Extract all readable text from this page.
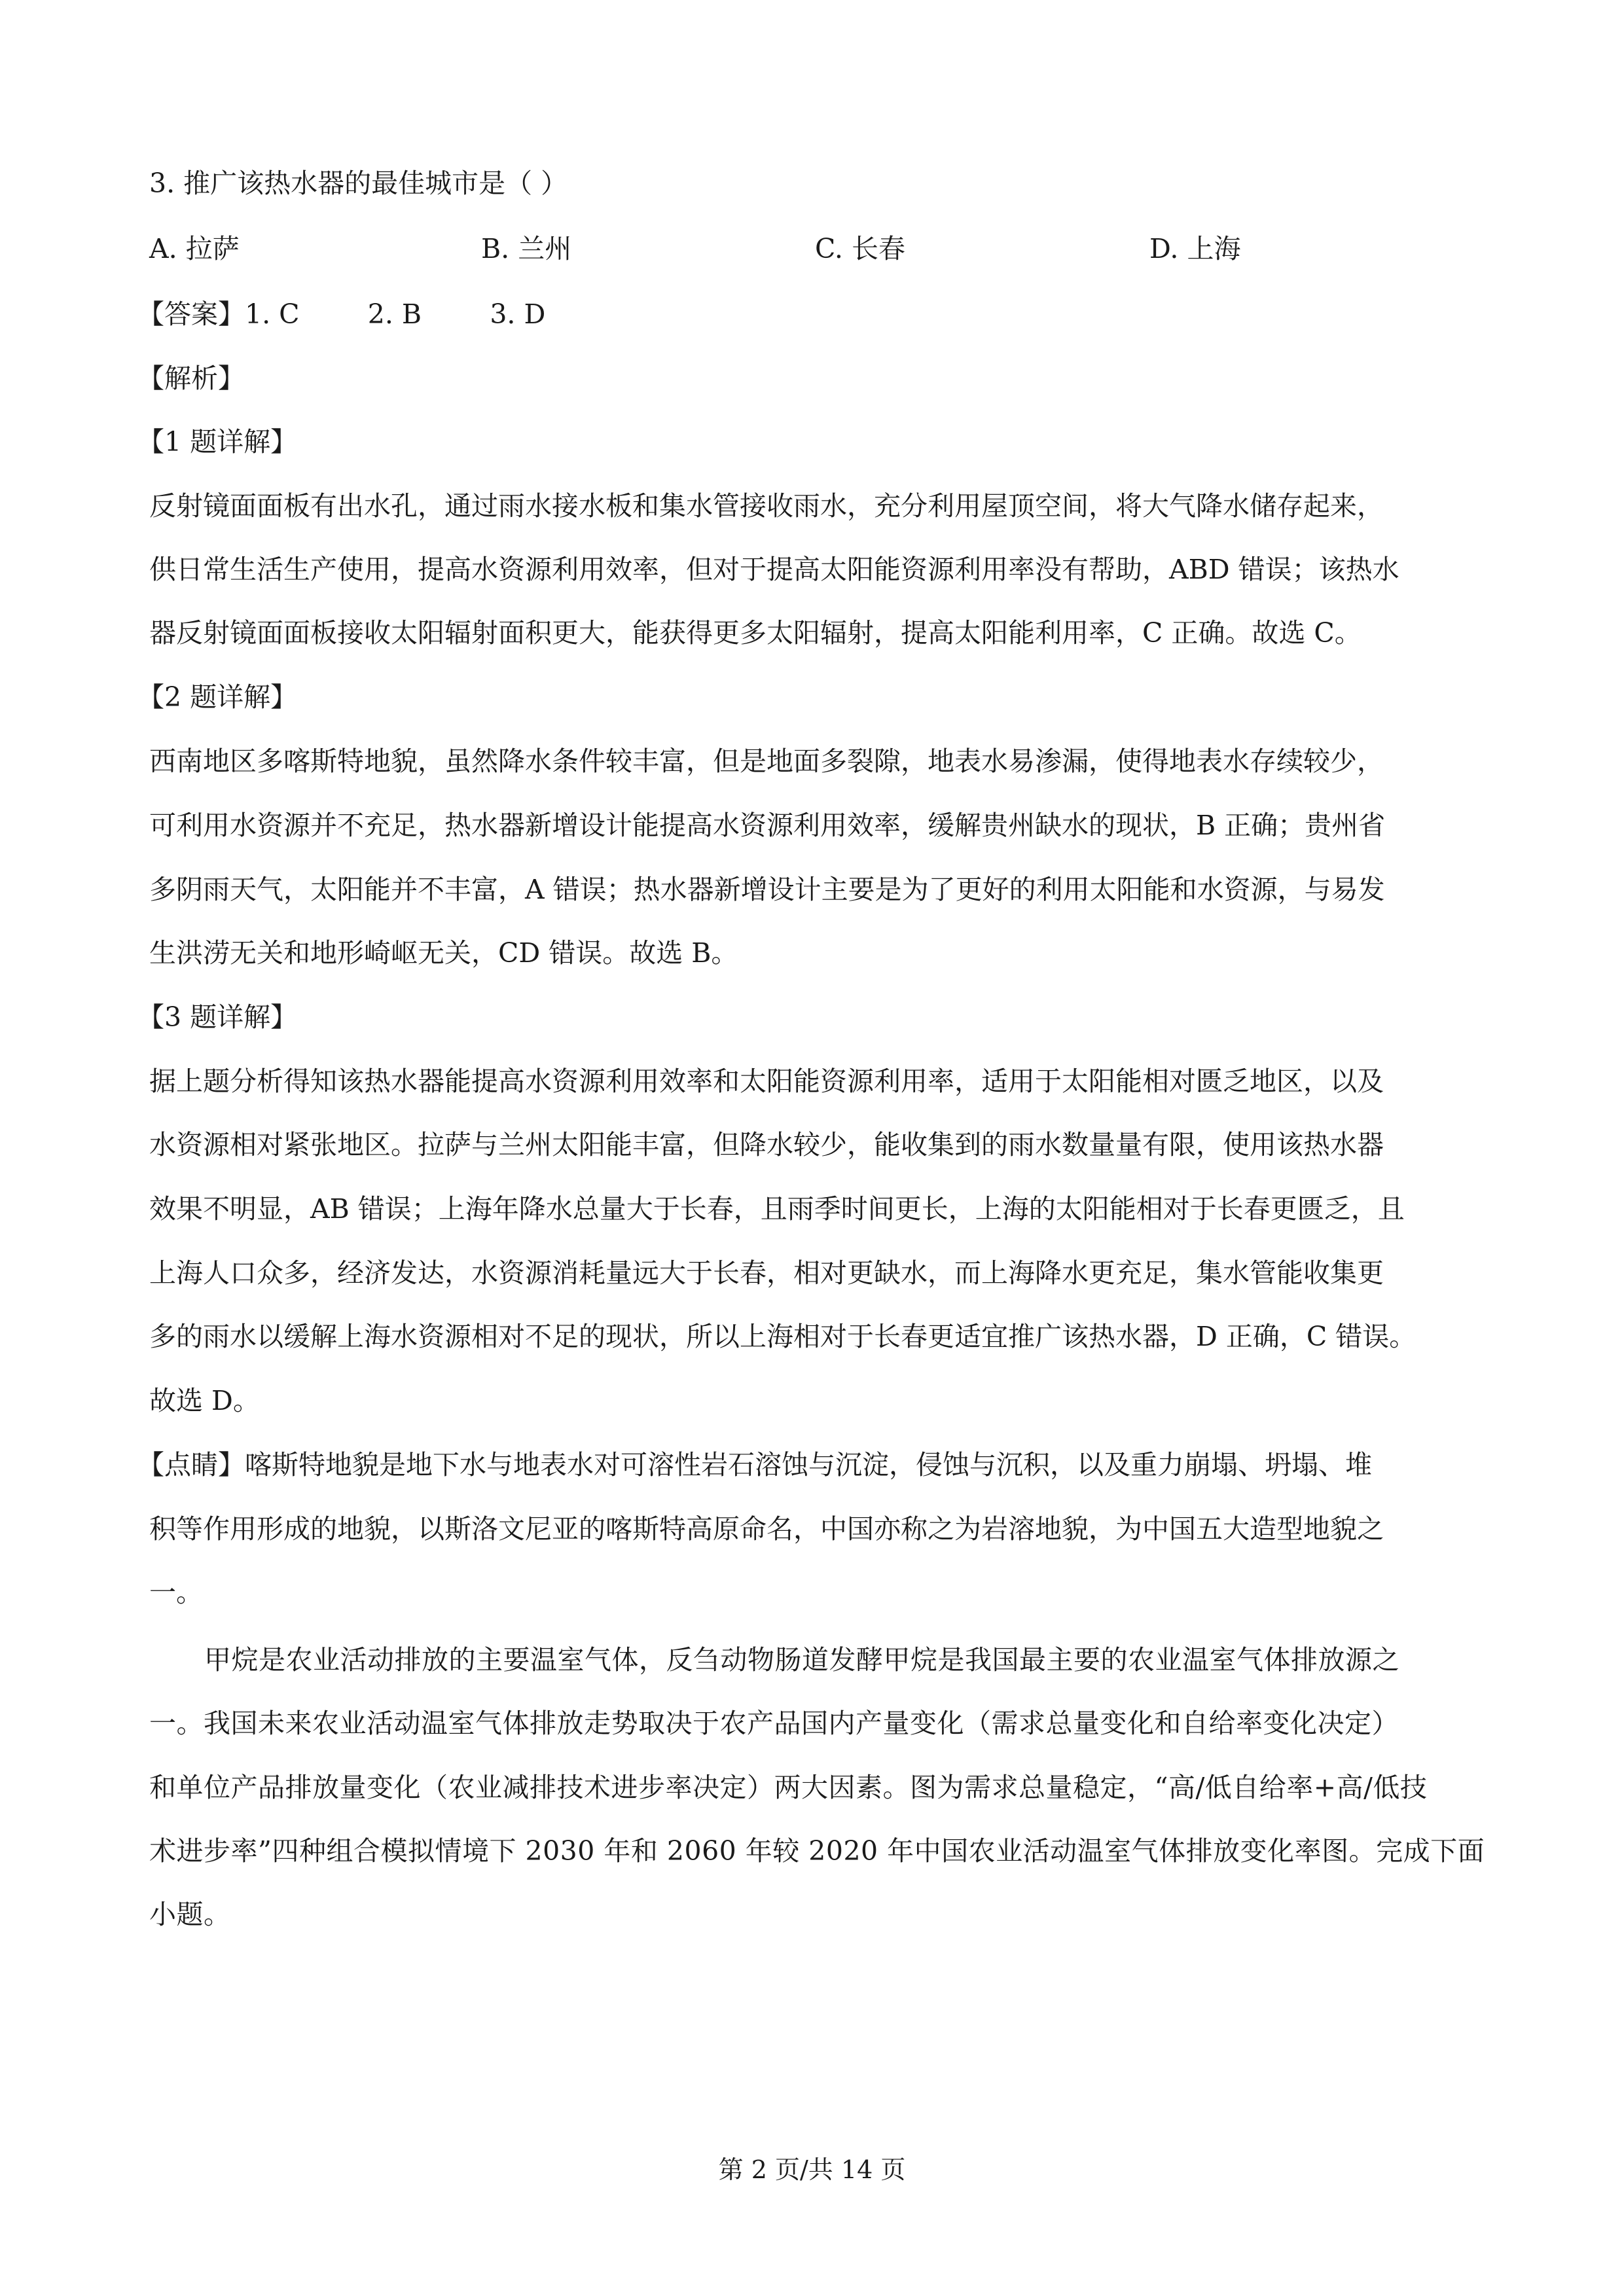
3. 推广该热水器的最佳城市是（ ）
A. 拉萨	B. 兰州	C. 长春	D. 上海
【答案】1. C        2. B        3. D
【解析】
【1 题详解】
反射镜面面板有出水孔，通过雨水接水板和集水管接收雨水，充分利用屋顶空间，将大气降水储存起来，
供日常生活生产使用，提高水资源利用效率，但对于提高太阳能资源利用率没有帮助，ABD 错误；该热水
器反射镜面面板接收太阳辐射面积更大，能获得更多太阳辐射，提高太阳能利用率，C 正确。故选 C。
【2 题详解】
西南地区多喀斯特地貌，虽然降水条件较丰富，但是地面多裂隙，地表水易渗漏，使得地表水存续较少，
可利用水资源并不充足，热水器新增设计能提高水资源利用效率，缓解贵州缺水的现状，B 正确；贵州省
多阴雨天气，太阳能并不丰富，A 错误；热水器新增设计主要是为了更好的利用太阳能和水资源，与易发
生洪涝无关和地形崎岖无关，CD 错误。故选 B。
【3 题详解】
据上题分析得知该热水器能提高水资源利用效率和太阳能资源利用率，适用于太阳能相对匮乏地区，以及
水资源相对紧张地区。拉萨与兰州太阳能丰富，但降水较少，能收集到的雨水数量量有限，使用该热水器
效果不明显，AB 错误；上海年降水总量大于长春，且雨季时间更长，上海的太阳能相对于长春更匮乏，且
上海人口众多，经济发达，水资源消耗量远大于长春，相对更缺水，而上海降水更充足，集水管能收集更
多的雨水以缓解上海水资源相对不足的现状，所以上海相对于长春更适宜推广该热水器，D 正确，C 错误。
故选 D。
【点睛】喀斯特地貌是地下水与地表水对可溶性岩石溶蚀与沉淀，侵蚀与沉积，以及重力崩塌、坍塌、堆
积等作用形成的地貌，以斯洛文尼亚的喀斯特高原命名，中国亦称之为岩溶地貌，为中国五大造型地貌之
一。
甲烷是农业活动排放的主要温室气体，反刍动物肠道发酵甲烷是我国最主要的农业温室气体排放源之
一。我国未来农业活动温室气体排放走势取决于农产品国内产量变化（需求总量变化和自给率变化决定）
和单位产品排放量变化（农业减排技术进步率决定）两大因素。图为需求总量稳定，“高/低自给率+高/低技
术进步率”四种组合模拟情境下 2030 年和 2060 年较 2020 年中国农业活动温室气体排放变化率图。完成下面
小题。
第 2 页/共 14 页
